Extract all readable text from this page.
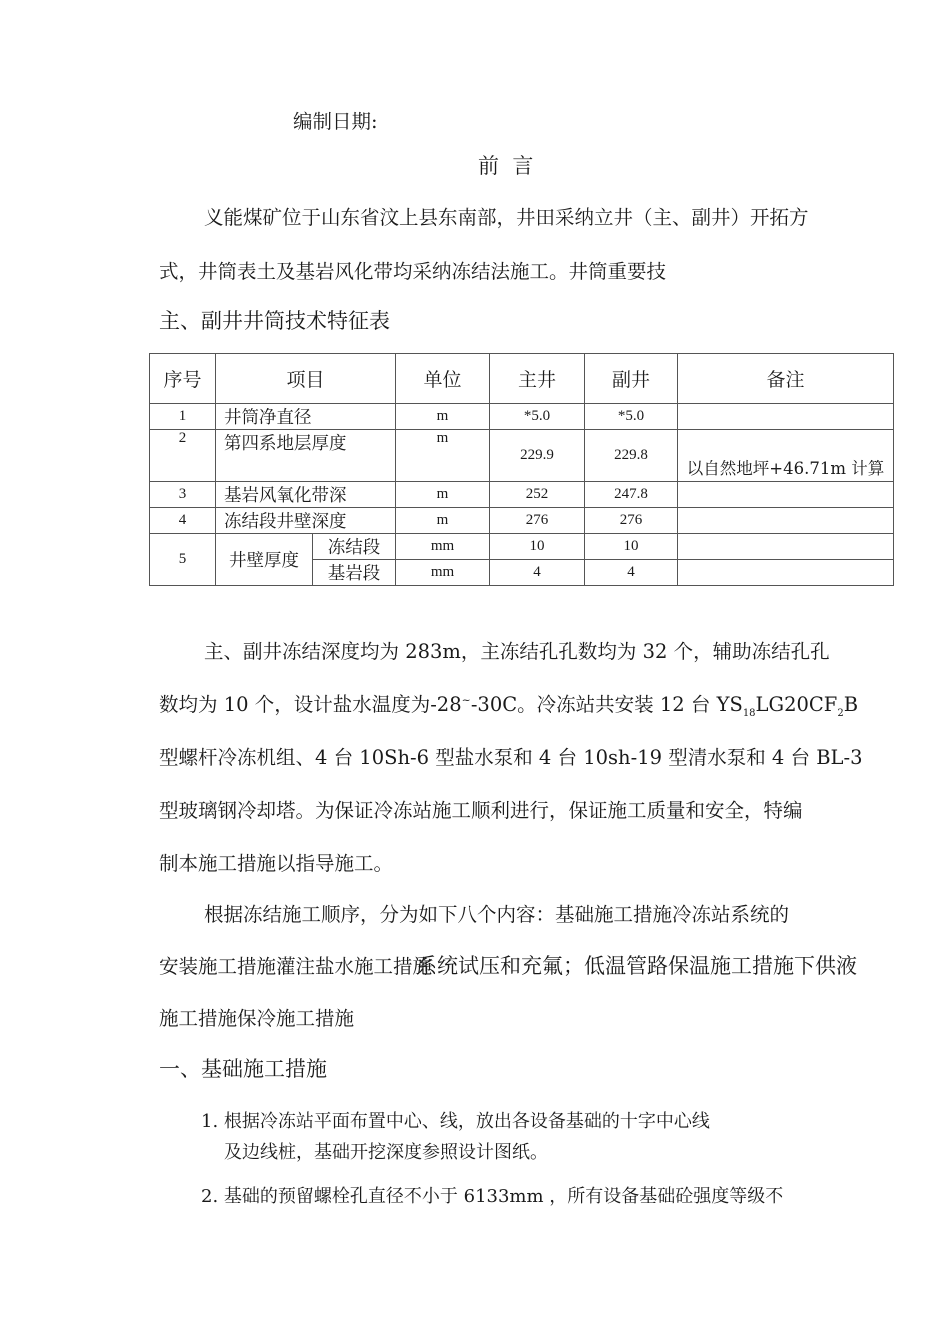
编制日期:
前  言
义能煤矿位于山东省汶上县东南部，井田采纳立井（主、副井）开拓方
式，井筒表土及基岩风化带均采纳冻结法施工。井筒重要技
主、副井井筒技术特征表
序号	项目		单位	主井	副井	备注
1	井筒净直径		m	*5.0	*5.0	
2	第四系地层厚度		m	229.9	229.8	以自然地坪+46.71m 计算
3	基岩风氧化带深		m	252	247.8	
4	冻结段井壁深度		m	276	276	
5	井壁厚度	冻结段	mm	10	10	
		基岩段	mm	4	4	
主、副井冻结深度均为 283m，主冻结孔孔数均为 32 个，辅助冻结孔孔
数均为 10 个，设计盐水温度为-28~-30C。冷冻站共安装 12 台 $YS_{18}LG20CF_2B$
型螺杆冷冻机组、4 台 10Sh-6 型盐水泵和 4 台 10sh-19 型清水泵和 4 台 BL-3
型玻璃钢冷却塔。为保证冷冻站施工顺利进行，保证施工质量和安全，特编
制本施工措施以指导施工。
根据冻结施工顺序，分为如下八个内容：基础施工措施冷冻站系统的
安装施工措施灌注盐水施工措施
系统试压和充氟；低温管路保温施工措施下供液
施工措施保冷施工措施
一、基础施工措施
1. 根据冷冻站平面布置中心、线，放出各设备基础的十字中心线
及边线桩，基础开挖深度参照设计图纸。
2. 基础的预留螺栓孔直径不小于 6133mm ，所有设备基础砼强度等级不
